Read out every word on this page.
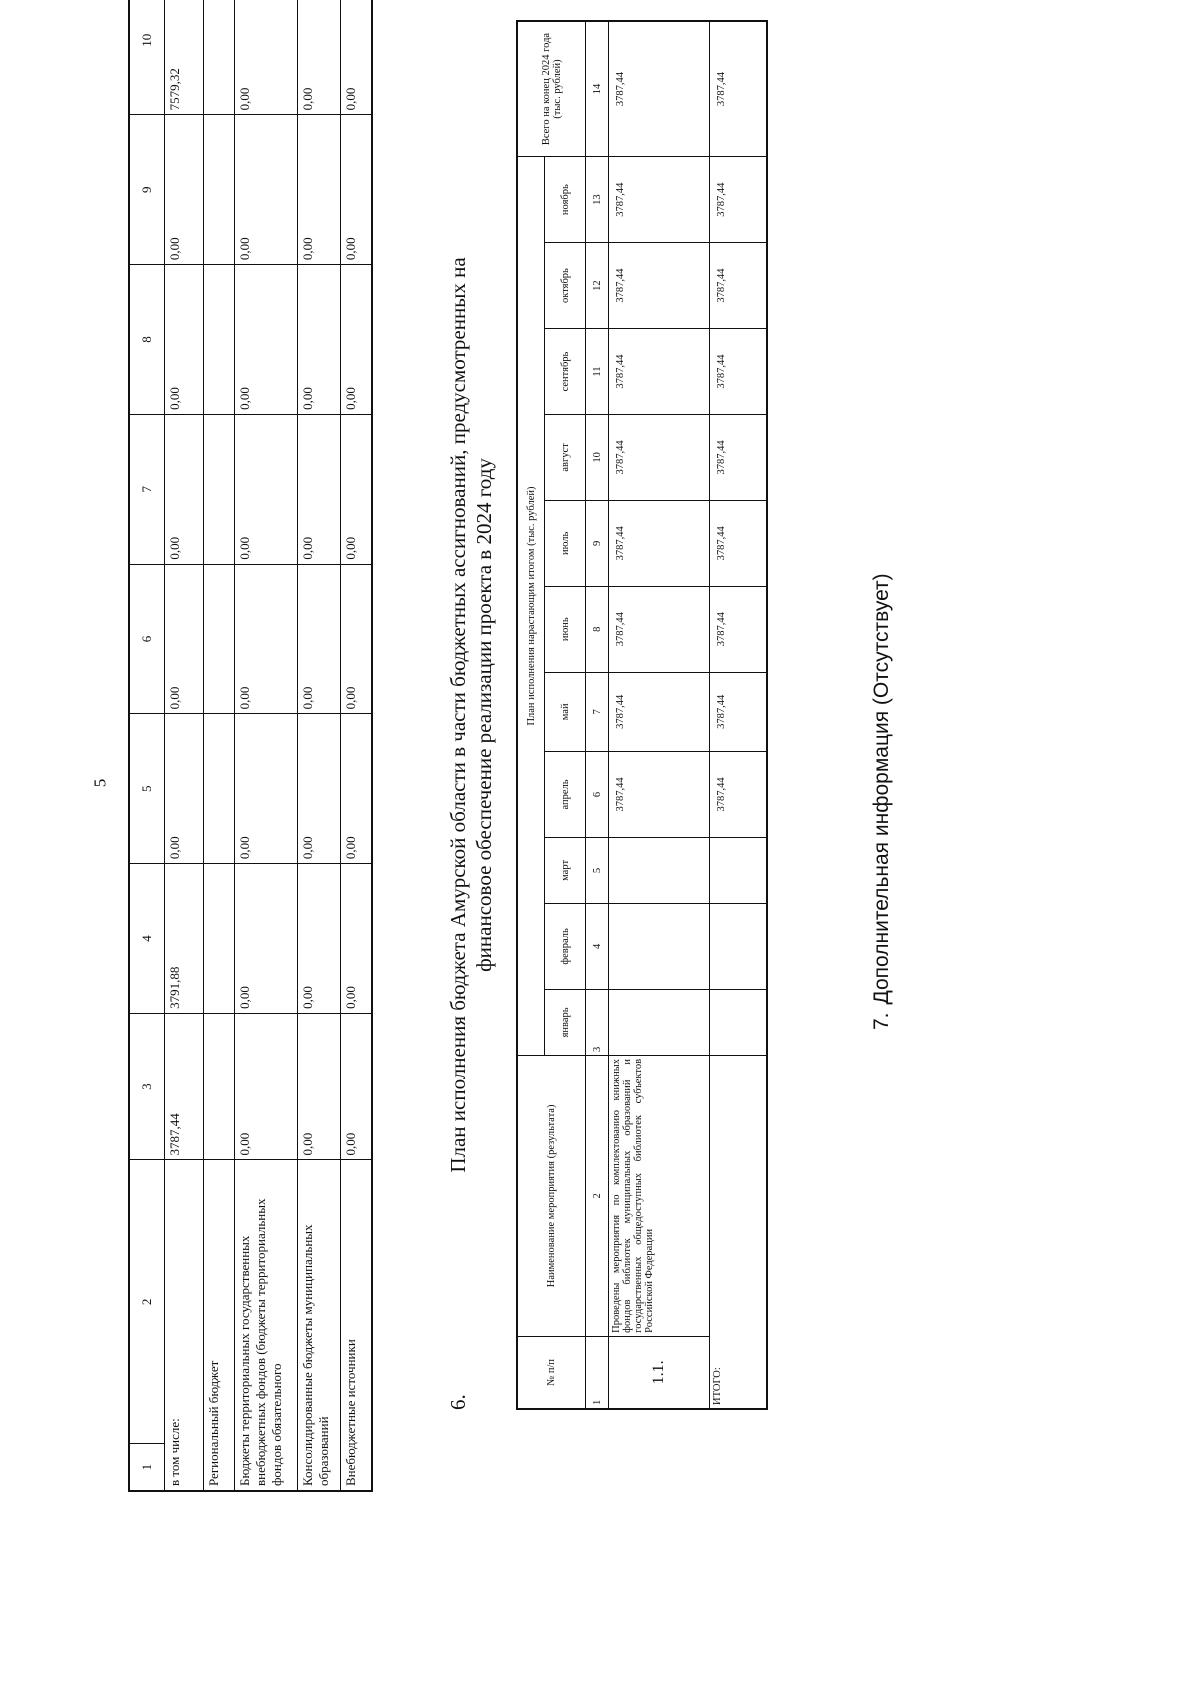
5
1	2	3	4	5	6	7	8	9	10
в том числе:		3787,44	3791,88	0,00	0,00	0,00	0,00	0,00	7579,32
Региональный бюджет									
Бюджеты территориальных государственных внебюджетных фондов (бюджеты территориальных фондов обязательного		0,00	0,00	0,00	0,00	0,00	0,00	0,00	0,00
Консолидированные бюджеты муниципальных образований		0,00	0,00	0,00	0,00	0,00	0,00	0,00	0,00
Внебюджетные источники		0,00	0,00	0,00	0,00	0,00	0,00	0,00	0,00
6.
План исполнения бюджета Амурской области в части бюджетных ассигнований, предусмотренных на финансовое обеспечение реализации проекта в 2024 году
№ п/п	Наименование мероприятия (результата)	План исполнения нарастающим итогом (тыс. рублей)											Всего на конец 2024 года (тыс. рублей)
		январь	февраль	март	апрель	май	июнь	июль	август	сентябрь	октябрь	ноябрь	
1	2	3	4	5	6	7	8	9	10	11	12	13	14
1.1.	Проведены мероприятия по комплектованию книжных фондов библиотек муниципальных образований и государственных общедоступных библиотек субъектов Российской Федерации				3787,44	3787,44	3787,44	3787,44	3787,44	3787,44	3787,44	3787,44	3787,44
ИТОГО:					3787,44	3787,44	3787,44	3787,44	3787,44	3787,44	3787,44	3787,44	3787,44
7.Дополнительная информация (Отсутствует)
